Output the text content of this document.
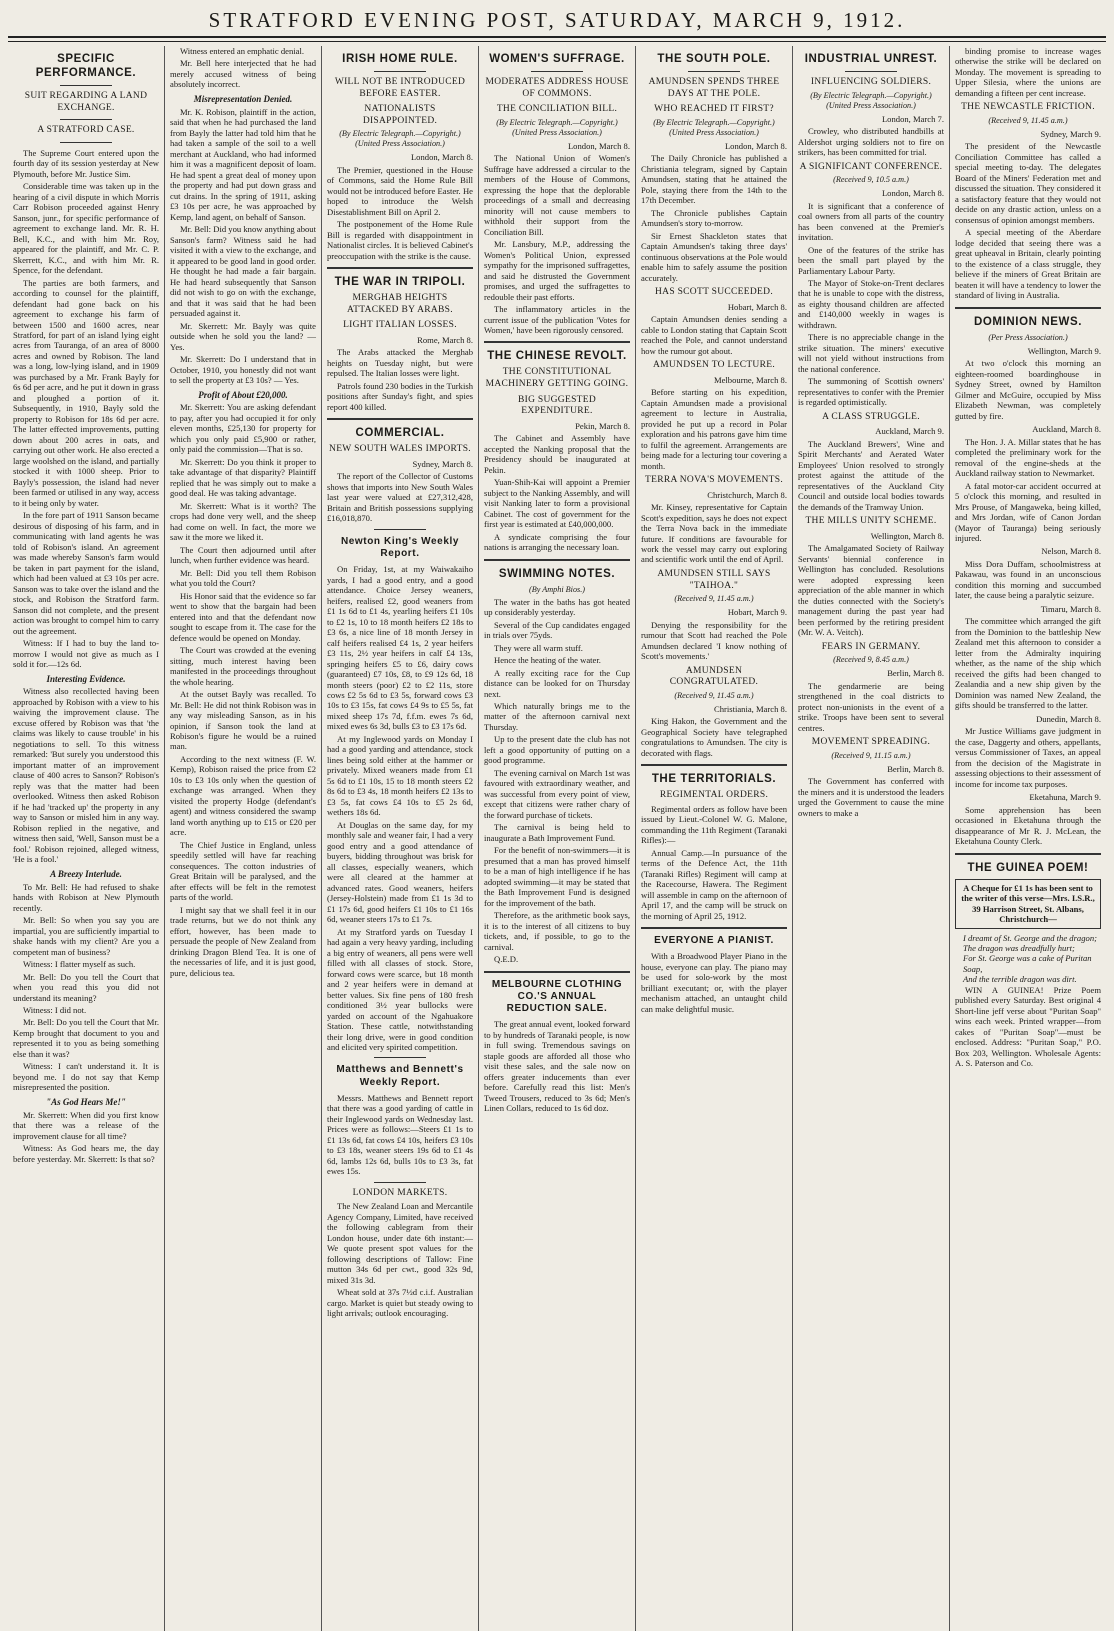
STRATFORD EVENING POST, SATURDAY, MARCH 9, 1912.
SPECIFIC PERFORMANCE.
SUIT REGARDING A LAND EXCHANGE.
A STRATFORD CASE.

The Supreme Court entered upon the fourth day of its session yesterday at New Plymouth, before Mr. Justice Sim.

Considerable time was taken up in the hearing of a civil dispute in which Morris Carr Robison proceeded against Henry Sanson, junr., for specific performance of agreement to exchange land. Mr. R. H. Bell, K.C., and with him Mr. Roy, appeared for the plaintiff, and Mr. C. P. Skerrett, K.C., and with him Mr. R. Spence, for the defendant.

The parties are both farmers, and according to counsel for the plaintiff, defendant had gone back on his agreement to exchange his farm of between 1500 and 1600 acres, near Stratford, for part of an island lying eight acres from Tauranga, of an area of 8000 acres and owned by Robison. The land was a long, low-lying island, and in 1909 was purchased by a Mr. Frank Bayly for 6s 6d per acre, and he put it down in grass and ploughed a portion of it. Subsequently, in 1910, Bayly sold the property to Robison for 18s 6d per acre. The latter effected improvements, putting down about 200 acres in oats, and carrying out other work. He also erected a large woolshed on the island, and partially stocked it with 1000 sheep. Prior to Bayly's possession, the island had never been farmed or utilised in any way, access to it being only by water.

In the fore part of 1911 Sanson became desirous of disposing of his farm, and in communicating with land agents he was told of Robison's island. An agreement was made whereby Sanson's farm would be taken in part payment for the island, which had been valued at £3 10s per acre. Sanson was to take over the island and the stock, and Robison the Stratford farm. Sanson did not complete, and the present action was brought to compel him to carry out the agreement.

Witness: If I had to buy the land to-morrow I would not give as much as I sold it for.—12s 6d.

Interesting Evidence.

Witness also recollected having been approached by Robison with a view to his waiving the improvement clause. The excuse offered by Robison was that 'the claims was likely to cause trouble' in his negotiations to sell. To this witness remarked: 'But surely you understood this important matter of an improvement clause of 400 acres to Sanson?' Robison's reply was that the matter had been overlooked. Witness then asked Robison if he had 'tracked up' the property in any way to Sanson or misled him in any way. Robison replied in the negative, and witness then said, 'Well, Sanson must be a fool.' Robison rejoined, alleged witness, 'He is a fool.'

A Breezy Interlude.

To Mr. Bell: He had refused to shake hands with Robison at New Plymouth recently.

Mr. Bell: So when you say you are impartial, you are sufficiently impartial to shake hands with my client? Are you a competent man of business?

Witness: I flatter myself as such.

Mr. Bell: Do you tell the Court that when you read this you did not understand its meaning?

Witness: I did not.

Mr. Bell: Do you tell the Court that Mr. Kemp brought that document to you and represented it to you as being something else than it was?

Witness: I can't understand it. It is beyond me. I do not say that Kemp misrepresented the position.

"As God Hears Me!"

Mr. Skerrett: When did you first know that there was a release of the improvement clause for all time?

Witness: As God hears me, the day before yesterday. Mr. Skerrett: Is that so?

Witness entered an emphatic denial.

Mr. Bell here interjected that he had merely accused witness of being absolutely incorrect.

Misrepresentation Denied.

Mr. K. Robison, plaintiff in the action, said that when he had purchased the land from Bayly the latter had told him that he had taken a sample of the soil to a well merchant at Auckland, who had informed him it was a magnificent deposit of loam. He had spent a great deal of money upon the property and had put down grass and cut drains. In the spring of 1911, asking £3 10s per acre, he was approached by Kemp, land agent, on behalf of Sanson.

Mr. Bell: Did you know anything about Sanson's farm? Witness said he had visited it with a view to the exchange, and it appeared to be good land in good order. He thought he had made a fair bargain. He had heard subsequently that Sanson did not wish to go on with the exchange, and that it was said that he had been persuaded against it.

Mr. Skerrett: Mr. Bayly was quite outside when he sold you the land? — Yes.

Mr. Skerrett: Do I understand that in October, 1910, you honestly did not want to sell the property at £3 10s? — Yes.

Profit of About £20,000.

Mr. Skerrett: You are asking defendant to pay, after you had occupied it for only eleven months, £25,130 for property for which you only paid £5,900 or rather, only paid the commission—That is so.

Mr. Skerrett: Do you think it proper to take advantage of that disparity? Plaintiff replied that he was simply out to make a good deal. He was taking advantage.

Mr. Skerrett: What is it worth? The crops had done very well, and the sheep had come on well. In fact, the more we saw it the more we liked it.

The Court then adjourned until after lunch, when further evidence was heard.

Mr. Bell: Did you tell them Robison what you told the Court?

His Honor said that the evidence so far went to show that the bargain had been entered into and that the defendant now sought to escape from it. The case for the defence would be opened on Monday.

The Court was crowded at the evening sitting, much interest having been manifested in the proceedings throughout the whole hearing.

At the outset Bayly was recalled. To Mr. Bell: He did not think Robison was in any way misleading Sanson, as in his opinion, if Sanson took the land at Robison's figure he would be a ruined man.

According to the next witness (F. W. Kemp), Robison raised the price from £2 10s to £3 10s only when the question of exchange was arranged. When they visited the property Hodge (defendant's agent) and witness considered the swamp land worth anything up to £15 or £20 per acre.

The Chief Justice in England, unless speedily settled will have far reaching consequences. The cotton industries of Great Britain will be paralysed, and the after effects will be felt in the remotest parts of the world.

I might say that we shall feel it in our trade returns, but we do not think any effort, however, has been made to persuade the people of New Zealand from drinking Dragon Blend Tea. It is one of the necessaries of life, and it is just good, pure, delicious tea.

IRISH HOME RULE.
WILL NOT BE INTRODUCED BEFORE EASTER.
NATIONALISTS DISAPPOINTED.
(By Electric Telegraph.—Copyright.) (United Press Association.)
London, March 8.

The Premier, questioned in the House of Commons, said the Home Rule Bill would not be introduced before Easter. He hoped to introduce the Welsh Disestablishment Bill on April 2.

The postponement of the Home Rule Bill is regarded with disappointment in Nationalist circles. It is believed Cabinet's preoccupation with the strike is the cause.

THE WAR IN TRIPOLI.
MERGHAB HEIGHTS ATTACKED BY ARABS.
LIGHT ITALIAN LOSSES.
Rome, March 8.

The Arabs attacked the Merghab heights on Tuesday night, but were repulsed. The Italian losses were light.

Patrols found 230 bodies in the Turkish positions after Sunday's fight, and spies report 400 killed.

COMMERCIAL.
NEW SOUTH WALES IMPORTS.
Sydney, March 8.

The report of the Collector of Customs shows that imports into New South Wales last year were valued at £27,312,428, Britain and British possessions supplying £16,018,870.

Newton King's Weekly Report.

On Friday, 1st, at my Waiwakaiho yards, I had a good entry, and a good attendance. Choice Jersey weaners, heifers, realised £2, good weaners from £1 1s 6d to £1 4s, yearling heifers £1 10s to £2 1s, 10 to 18 month heifers £2 18s to £3 6s, a nice line of 18 month Jersey in calf heifers realised £4 1s, 2 year heifers £3 11s, 2½ year heifers in calf £4 13s, springing heifers £5 to £6, dairy cows (guaranteed) £7 10s, £8, to £9 12s 6d, 18 month steers (poor) £2 to £2 11s, store cows £2 5s 6d to £3 5s, forward cows £3 10s to £3 15s, fat cows £4 9s to £5 5s, fat mixed sheep 17s 7d, f.f.m. ewes 7s 6d, mixed ewes 6s 3d, bulls £3 to £3 17s 6d.

At my Inglewood yards on Monday I had a good yarding and attendance, stock lines being sold either at the hammer or privately. Mixed weaners made from £1 5s 6d to £1 10s, 15 to 18 month steers £2 8s 6d to £3 4s, 18 month heifers £2 13s to £3 5s, fat cows £4 10s to £5 2s 6d, wethers 18s 6d.

At Douglas on the same day, for my monthly sale and weaner fair, I had a very good entry and a good attendance of buyers, bidding throughout was brisk for all classes, especially weaners, which were all cleared at the hammer at advanced rates. Good weaners, heifers (Jersey-Holstein) made from £1 1s 3d to £1 17s 6d, good heifers £1 10s to £1 16s 6d, weaner steers 17s to £1 7s.

At my Stratford yards on Tuesday I had again a very heavy yarding, including a big entry of weaners, all pens were well filled with all classes of stock. Store, forward cows were scarce, but 18 month and 2 year heifers were in demand at better values. Six fine pens of 180 fresh conditioned 3½ year bullocks were yarded on account of the Ngahuakore Station. These cattle, notwithstanding their long drive, were in good condition and elicited very spirited competition.

Matthews and Bennett's Weekly Report.

Messrs. Matthews and Bennett report that there was a good yarding of cattle in their Inglewood yards on Wednesday last. Prices were as follows:—Steers £1 1s to £1 13s 6d, fat cows £4 10s, heifers £3 10s to £3 18s, weaner steers 19s 6d to £1 4s 6d, lambs 12s 6d, bulls 10s to £3 3s, fat ewes 15s.

LONDON MARKETS.

The New Zealand Loan and Mercantile Agency Company, Limited, have received the following cablegram from their London house, under date 6th instant:—We quote present spot values for the following descriptions of Tallow: Fine mutton 34s 6d per cwt., good 32s 9d, mixed 31s 3d.

Wheat sold at 37s 7½d c.i.f. Australian cargo. Market is quiet but steady owing to light arrivals; outlook encouraging.

WOMEN'S SUFFRAGE.
MODERATES ADDRESS HOUSE OF COMMONS.
THE CONCILIATION BILL.
(By Electric Telegraph.—Copyright.) (United Press Association.)
London, March 8.

The National Union of Women's Suffrage have addressed a circular to the members of the House of Commons, expressing the hope that the deplorable proceedings of a small and decreasing minority will not cause members to withhold their support from the Conciliation Bill.

Mr. Lansbury, M.P., addressing the Women's Political Union, expressed sympathy for the imprisoned suffragettes, and said he distrusted the Government promises, and urged the suffragettes to redouble their past efforts.

The inflammatory articles in the current issue of the publication 'Votes for Women,' have been rigorously censored.

THE CHINESE REVOLT.
THE CONSTITUTIONAL MACHINERY GETTING GOING.
BIG SUGGESTED EXPENDITURE.
Pekin, March 8.

The Cabinet and Assembly have accepted the Nanking proposal that the Presidency should be inaugurated at Pekin.

Yuan-Shih-Kai will appoint a Premier subject to the Nanking Assembly, and will visit Nanking later to form a provisional Cabinet. The cost of government for the first year is estimated at £40,000,000.

A syndicate comprising the four nations is arranging the necessary loan.

SWIMMING NOTES.
(By Amphi Bios.)

The water in the baths has got heated up considerably yesterday.

Several of the Cup candidates engaged in trials over 75yds.

They were all warm stuff.

Hence the heating of the water.

A really exciting race for the Cup distance can be looked for on Thursday next.

Which naturally brings me to the matter of the afternoon carnival next Thursday.

Up to the present date the club has not left a good opportunity of putting on a good programme.

The evening carnival on March 1st was favoured with extraordinary weather, and was successful from every point of view, except that citizens were rather chary of the forward purchase of tickets.

The carnival is being held to inaugurate a Bath Improvement Fund.

For the benefit of non-swimmers—it is presumed that a man has proved himself to be a man of high intelligence if he has adopted swimming—it may be stated that the Bath Improvement Fund is designed for the improvement of the bath.

Therefore, as the arithmetic book says, it is to the interest of all citizens to buy tickets, and, if possible, to go to the carnival.

Q.E.D.

MELBOURNE CLOTHING CO.'S ANNUAL REDUCTION SALE.

The great annual event, looked forward to by hundreds of Taranaki people, is now in full swing. Tremendous savings on staple goods are afforded all those who visit these sales, and the sale now on offers greater inducements than ever before. Carefully read this list: Men's Tweed Trousers, reduced to 3s 6d; Men's Linen Collars, reduced to 1s 6d doz.

THE SOUTH POLE.
AMUNDSEN SPENDS THREE DAYS AT THE POLE.
WHO REACHED IT FIRST?
(By Electric Telegraph.—Copyright.) (United Press Association.)
London, March 8.

The Daily Chronicle has published a Christiania telegram, signed by Captain Amundsen, stating that he attained the Pole, staying there from the 14th to the 17th December.

The Chronicle publishes Captain Amundsen's story to-morrow.

Sir Ernest Shackleton states that Captain Amundsen's taking three days' continuous observations at the Pole would enable him to safely assume the position accurately.

HAS SCOTT SUCCEEDED.
Hobart, March 8.

Captain Amundsen denies sending a cable to London stating that Captain Scott reached the Pole, and cannot understand how the rumour got about.

AMUNDSEN TO LECTURE.
Melbourne, March 8.

Before starting on his expedition, Captain Amundsen made a provisional agreement to lecture in Australia, provided he put up a record in Polar exploration and his patrons gave him time to fulfil the agreement. Arrangements are being made for a lecturing tour covering a month.

TERRA NOVA'S MOVEMENTS.
Christchurch, March 8.

Mr. Kinsey, representative for Captain Scott's expedition, says he does not expect the Terra Nova back in the immediate future. If conditions are favourable for work the vessel may carry out exploring and scientific work until the end of April.

AMUNDSEN STILL SAYS "TAIHOA."
(Received 9, 11.45 a.m.)
Hobart, March 9.

Denying the responsibility for the rumour that Scott had reached the Pole Amundsen declared 'I know nothing of Scott's movements.'

AMUNDSEN CONGRATULATED.
(Received 9, 11.45 a.m.)
Christiania, March 8.

King Hakon, the Government and the Geographical Society have telegraphed congratulations to Amundsen. The city is decorated with flags.

THE TERRITORIALS.
REGIMENTAL ORDERS.

Regimental orders as follow have been issued by Lieut.-Colonel W. G. Malone, commanding the 11th Regiment (Taranaki Rifles):—

Annual Camp.—In pursuance of the terms of the Defence Act, the 11th (Taranaki Rifles) Regiment will camp at the Racecourse, Hawera. The Regiment will assemble in camp on the afternoon of April 17, and the camp will be struck on the morning of April 25, 1912.

EVERYONE A PIANIST.

With a Broadwood Player Piano in the house, everyone can play. The piano may be used for solo-work by the most brilliant executant; or, with the player mechanism attached, an untaught child can make delightful music.

INDUSTRIAL UNREST.
INFLUENCING SOLDIERS.
(By Electric Telegraph.—Copyright.) (United Press Association.)
London, March 7.

Crowley, who distributed handbills at Aldershot urging soldiers not to fire on strikers, has been committed for trial.

A SIGNIFICANT CONFERENCE.
(Received 9, 10.5 a.m.)
London, March 8.

It is significant that a conference of coal owners from all parts of the country has been convened at the Premier's invitation.

One of the features of the strike has been the small part played by the Parliamentary Labour Party.

The Mayor of Stoke-on-Trent declares that he is unable to cope with the distress, as eighty thousand children are affected and £140,000 weekly in wages is withdrawn.

There is no appreciable change in the strike situation. The miners' executive will not yield without instructions from the national conference.

The summoning of Scottish owners' representatives to confer with the Premier is regarded optimistically.

A CLASS STRUGGLE.
Auckland, March 9.

The Auckland Brewers', Wine and Spirit Merchants' and Aerated Water Employees' Union resolved to strongly protest against the attitude of the representatives of the Auckland City Council and outside local bodies towards the demands of the Tramway Union.

THE MILLS UNITY SCHEME.
Wellington, March 8.

The Amalgamated Society of Railway Servants' biennial conference in Wellington has concluded. Resolutions were adopted expressing keen appreciation of the able manner in which the duties connected with the Society's management during the past year had been performed by the retiring president (Mr. W. A. Veitch).

FEARS IN GERMANY.
(Received 9, 8.45 a.m.)
Berlin, March 8.

The gendarmerie are being strengthened in the coal districts to protect non-unionists in the event of a strike. Troops have been sent to several centres.

MOVEMENT SPREADING.
(Received 9, 11.15 a.m.)
Berlin, March 8.

The Government has conferred with the miners and it is understood the leaders urged the Government to cause the mine owners to make a

binding promise to increase wages otherwise the strike will be declared on Monday. The movement is spreading to Upper Silesia, where the unions are demanding a fifteen per cent increase.

THE NEWCASTLE FRICTION.
(Received 9, 11.45 a.m.)
Sydney, March 9.

The president of the Newcastle Conciliation Committee has called a special meeting to-day. The delegates Board of the Miners' Federation met and discussed the situation. They considered it a satisfactory feature that they would not decide on any drastic action, unless on a consensus of opinion amongst members.

A special meeting of the Aberdare lodge decided that seeing there was a great upheaval in Britain, clearly pointing to the existence of a class struggle, they believe if the miners of Great Britain are beaten it will have a tendency to lower the standard of living in Australia.

DOMINION NEWS.
(Per Press Association.)
Wellington, March 9.

At two o'clock this morning an eighteen-roomed boardinghouse in Sydney Street, owned by Hamilton Gilmer and McGuire, occupied by Miss Elizabeth Newman, was completely gutted by fire.

Auckland, March 8.

The Hon. J. A. Millar states that he has completed the preliminary work for the removal of the engine-sheds at the Auckland railway station to Newmarket.

A fatal motor-car accident occurred at 5 o'clock this morning, and resulted in Mrs Prouse, of Mangaweka, being killed, and Mrs Jordan, wife of Canon Jordan (Mayor of Tauranga) being seriously injured.

Nelson, March 8.

Miss Dora Duffam, schoolmistress at Pakawau, was found in an unconscious condition this morning and succumbed later, the cause being a paralytic seizure.

Timaru, March 8.

The committee which arranged the gift from the Dominion to the battleship New Zealand met this afternoon to consider a letter from the Admiralty inquiring whether, as the name of the ship which received the gifts had been changed to Zealandia and a new ship given by the Dominion was named New Zealand, the gifts should be transferred to the latter.

Dunedin, March 8.

Mr Justice Williams gave judgment in the case, Daggerty and others, appellants, versus Commissioner of Taxes, an appeal from the decision of the Magistrate in assessing objections to their assessment of income for income tax purposes.

Eketahuna, March 9.

Some apprehension has been occasioned in Eketahuna through the disappearance of Mr R. J. McLean, the Eketahuna County Clerk.

THE GUINEA POEM!
A Cheque for £1 1s has been sent to the writer of this verse—Mrs. I.S.R., 39 Harrison Street, St. Albans, Christchurch—

I dreamt of St. George and the dragon;

The dragon was dreadfully hurt;

For St. George was a cake of Puritan Soap,

And the terrible dragon was dirt.

WIN A GUINEA! Prize Poem published every Saturday. Best original 4 Short-line jeff verse about "Puritan Soap" wins each week. Printed wrapper—from cakes of "Puritan Soap"—must be enclosed. Address: "Puritan Soap," P.O. Box 203, Wellington. Wholesale Agents: A. S. Paterson and Co.
